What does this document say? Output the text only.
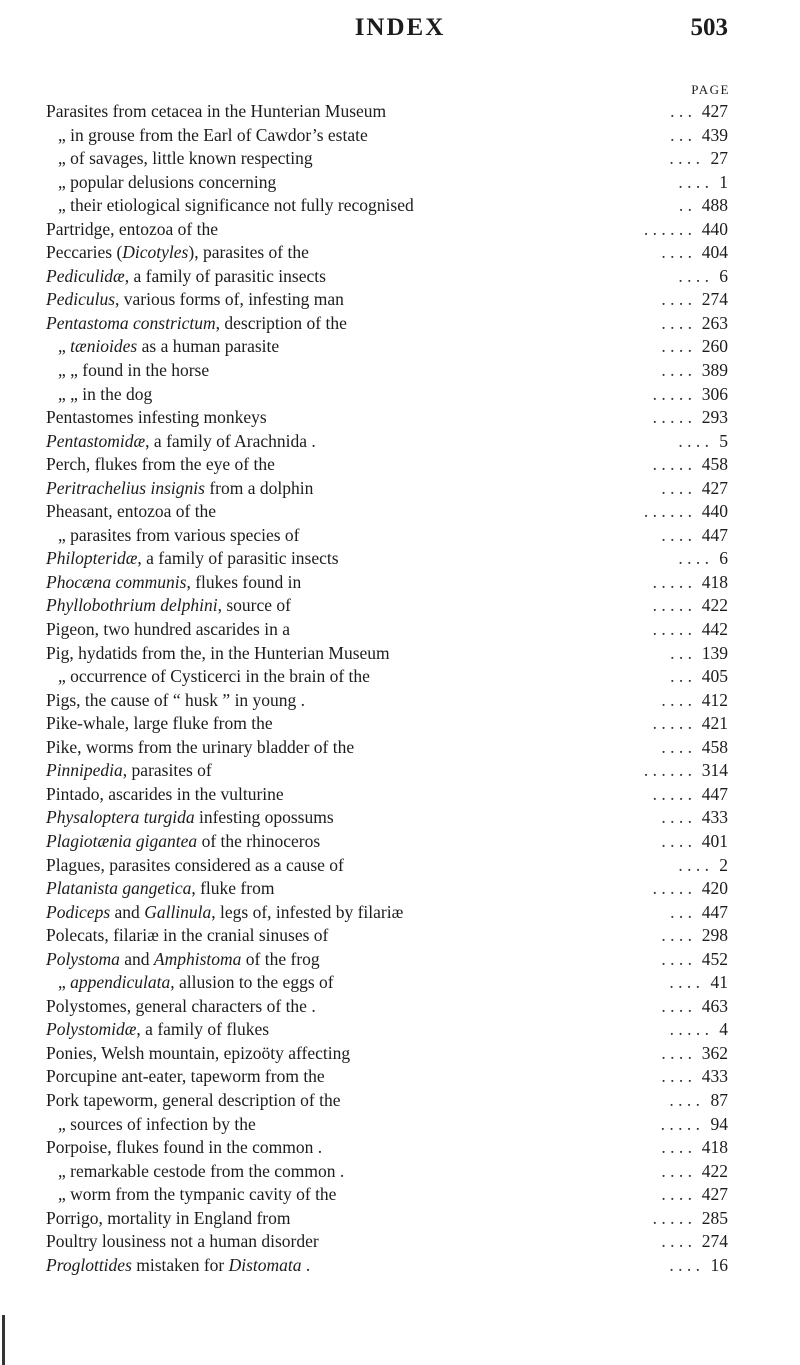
INDEX	503
PAGE
Parasites from cetacea in the Hunterian Museum	427
. . .
„ in grouse from the Earl of Cawdor’s estate	439
. . .
„ of savages, little known respecting	27
. . . .
„ popular delusions concerning	1
. . . .
„ their etiological significance not fully recognised	488
. .
Partridge, entozoa of the	440
. . . . . .
Peccaries (Dicotyles), parasites of the	404
. . . .
Pediculidæ, a family of parasitic insects	6
. . . .
Pediculus, various forms of, infesting man	274
. . . .
Pentastoma constrictum, description of the	263
. . . .
„ tænioides as a human parasite	260
. . . .
„ „ found in the horse	389
. . . .
„ „ in the dog	306
. . . . .
Pentastomes infesting monkeys	293
. . . . .
Pentastomidæ, a family of Arachnida .	5
. . . .
Perch, flukes from the eye of the	458
. . . . .
Peritrachelius insignis from a dolphin	427
. . . .
Pheasant, entozoa of the	440
. . . . . .
„ parasites from various species of	447
. . . .
Philopteridæ, a family of parasitic insects	6
. . . .
Phocæna communis, flukes found in	418
. . . . .
Phyllobothrium delphini, source of	422
. . . . .
Pigeon, two hundred ascarides in a	442
. . . . .
Pig, hydatids from the, in the Hunterian Museum	139
. . .
„ occurrence of Cysticerci in the brain of the	405
. . .
Pigs, the cause of “ husk ” in young .	412
. . . .
Pike-whale, large fluke from the	421
. . . . .
Pike, worms from the urinary bladder of the	458
. . . .
Pinnipedia, parasites of	314
. . . . . .
Pintado, ascarides in the vulturine	447
. . . . .
Physaloptera turgida infesting opossums	433
. . . .
Plagiotænia gigantea of the rhinoceros	401
. . . .
Plagues, parasites considered as a cause of	2
. . . .
Platanista gangetica, fluke from	420
. . . . .
Podiceps and Gallinula, legs of, infested by filariæ	447
. . .
Polecats, filariæ in the cranial sinuses of	298
. . . .
Polystoma and Amphistoma of the frog	452
. . . .
„ appendiculata, allusion to the eggs of	41
. . . .
Polystomes, general characters of the .	463
. . . .
Polystomidæ, a family of flukes	4
. . . . .
Ponies, Welsh mountain, epizoöty affecting	362
. . . .
Porcupine ant-eater, tapeworm from the	433
. . . .
Pork tapeworm, general description of the	87
. . . .
„ sources of infection by the	94
. . . . .
Porpoise, flukes found in the common .	418
. . . .
„ remarkable cestode from the common .	422
. . . .
„ worm from the tympanic cavity of the	427
. . . .
Porrigo, mortality in England from	285
. . . . .
Poultry lousiness not a human disorder	274
. . . .
Proglottides mistaken for Distomata .	16
. . . .
